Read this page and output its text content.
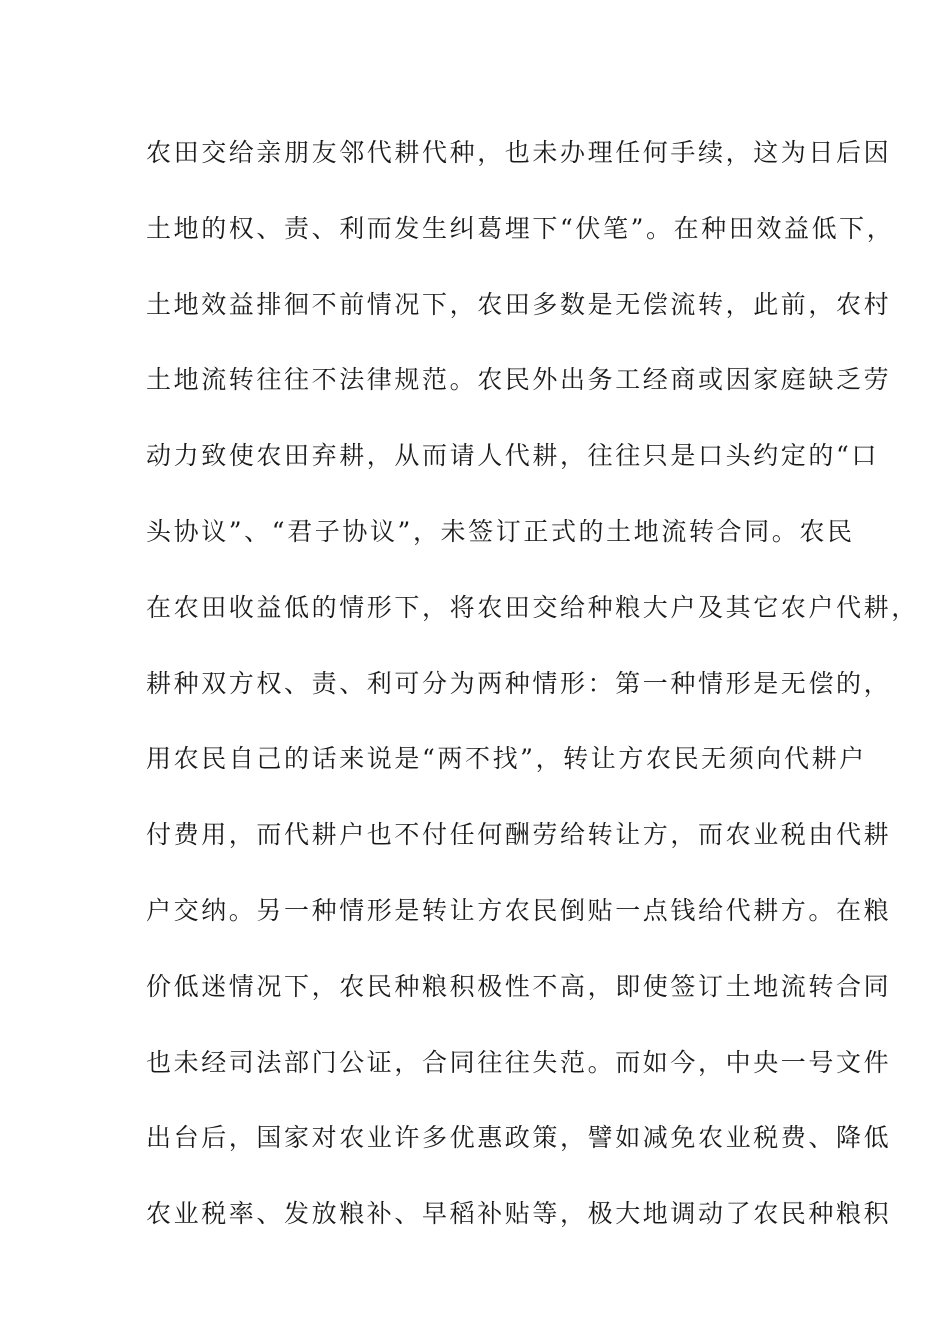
农田交给亲朋友邻代耕代种，也未办理任何手续，这为日后因
土地的权、责、利而发生纠葛埋下“伏笔”。在种田效益低下，
土地效益排徊不前情况下，农田多数是无偿流转，此前，农村
土地流转往往不法律规范。农民外出务工经商或因家庭缺乏劳
动力致使农田弃耕，从而请人代耕，往往只是口头约定的“口
头协议”、“君子协议”，未签订正式的土地流转合同。农民
在农田收益低的情形下，将农田交给种粮大户及其它农户代耕，
耕种双方权、责、利可分为两种情形：第一种情形是无偿的，
用农民自己的话来说是“两不找”，转让方农民无须向代耕户
付费用，而代耕户也不付任何酬劳给转让方，而农业税由代耕
户交纳。另一种情形是转让方农民倒贴一点钱给代耕方。在粮
价低迷情况下，农民种粮积极性不高，即使签订土地流转合同
也未经司法部门公证，合同往往失范。而如今，中央一号文件
出台后，国家对农业许多优惠政策，譬如减免农业税费、降低
农业税率、发放粮补、早稻补贴等，极大地调动了农民种粮积
